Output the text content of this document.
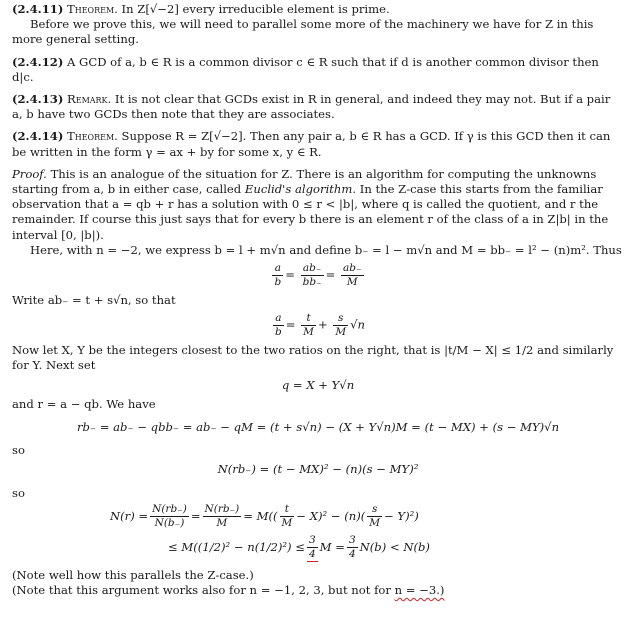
(2.4.11) Theorem. In Z[√−2] every irreducible element is prime.

Before we prove this, we will need to parallel some more of the machinery we have for Z in this more general setting.

(2.4.12) A GCD of a, b ∈ R is a common divisor c ∈ R such that if d is another common divisor then d|c.

(2.4.13) Remark. It is not clear that GCDs exist in R in general, and indeed they may not. But if a pair a, b have two GCDs then note that they are associates.

(2.4.14) Theorem. Suppose R = Z[√−2]. Then any pair a, b ∈ R has a GCD. If γ is this GCD then it can be written in the form γ = ax + by for some x, y ∈ R.

Proof. This is an analogue of the situation for Z. There is an algorithm for computing the unknowns starting from a, b in either case, called Euclid's algorithm. In the Z-case this starts from the familiar observation that a = qb + r has a solution with 0 ≤ r < |b|, where q is called the quotient, and r the remainder. If course this just says that for every b there is an element r of the class of a in Z|b| in the interval [0, |b|).

Here, with n = −2, we express b = l + m√n and define b₋ = l − m√n and M = bb₋ = l² − (n)m². Thus

$\frac{a}{b} = \frac{ab_-}{bb_-} = \frac{ab_-}{M}$

Write ab₋ = t + s√n, so that

$\frac{a}{b} = \frac{t}{M} + \frac{s}{M} √n$

Now let X, Y be the integers closest to the two ratios on the right, that is |t/M − X| ≤ 1/2 and similarly for Y. Next set

q = X + Y√n

and r = a − qb. We have

rb₋ = ab₋ − qbb₋ = ab₋ − qM = (t + s√n) − (X + Y√n)M = (t − MX) + (s − MY)√n

so

N(rb₋) = (t − MX)² − (n)(s − MY)²

so

$N(r) = \frac{N(rb_-)}{N(b_-)} = \frac{N(rb_-)}{M} = M(( \frac{t}{M} - X)^2 - (n)( \frac{s}{M} - Y)^2)$
≤ $M((1/2)^2 - n(1/2)^2) \le \frac{3}{4}$ $M = \frac{3}{4} N(b) < N(b)$

(Note well how this parallels the Z-case.)

(Note that this argument works also for n = −1, 2, 3, but not for n = −3.)
